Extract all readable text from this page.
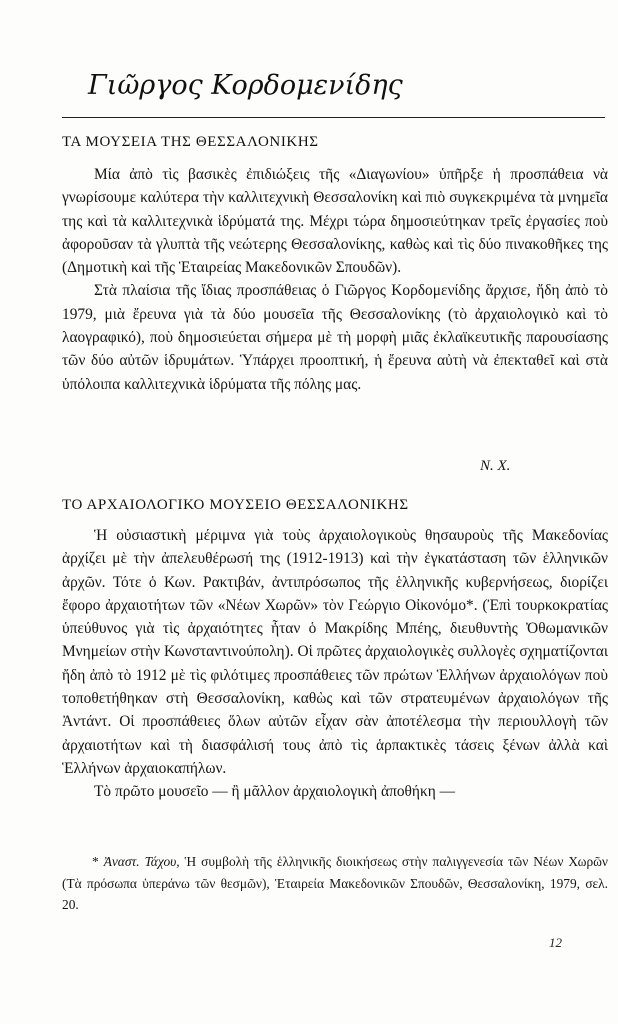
Γιῶργος Κορδομενίδης
ΤΑ ΜΟΥΣΕΙΑ ΤΗΣ ΘΕΣΣΑΛΟΝΙΚΗΣ

Μία ἀπὸ τὶς βασικὲς ἐπιδιώξεις τῆς «Διαγωνίου» ὑπῆρξε ἡ προσπάθεια νὰ γνωρίσουμε καλύτερα τὴν καλλιτεχνικὴ Θεσσαλονίκη καὶ πιὸ συγκεκριμένα τὰ μνημεῖα της καὶ τὰ καλλιτεχνικὰ ἱδρύματά της. Μέχρι τώρα δημοσιεύτηκαν τρεῖς ἐργασίες ποὺ ἀφοροῦσαν τὰ γλυπτὰ τῆς νεώτερης Θεσσαλονίκης, καθὼς καὶ τὶς δύο πινακοθῆκες της (Δημοτικὴ καὶ τῆς Ἑταιρείας Μακεδονικῶν Σπουδῶν).

Στὰ πλαίσια τῆς ἴδιας προσπάθειας ὁ Γιῶργος Κορδομενίδης ἄρχισε, ἤδη ἀπὸ τὸ 1979, μιὰ ἔρευνα γιὰ τὰ δύο μουσεῖα τῆς Θεσσαλονίκης (τὸ ἀρχαιολογικὸ καὶ τὸ λαογραφικό), ποὺ δημοσιεύεται σήμερα μὲ τὴ μορφὴ μιᾶς ἐκλαϊκευτικῆς παρουσίασης τῶν δύο αὐτῶν ἱδρυμάτων. Ὑπάρχει προοπτική, ἡ ἔρευνα αὐτὴ νὰ ἐπεκταθεῖ καὶ στὰ ὑπόλοιπα καλλιτεχνικὰ ἱδρύματα τῆς πόλης μας.

Ν. Χ.
ΤΟ ΑΡΧΑΙΟΛΟΓΙΚΟ ΜΟΥΣΕΙΟ ΘΕΣΣΑΛΟΝΙΚΗΣ

Ἡ οὐσιαστικὴ μέριμνα γιὰ τοὺς ἀρχαιολογικοὺς θησαυροὺς τῆς Μακεδονίας ἀρχίζει μὲ τὴν ἀπελευθέρωσή της (1912-1913) καὶ τὴν ἐγκατάσταση τῶν ἑλληνικῶν ἀρχῶν. Τότε ὁ Κων. Ρακτιβάν, ἀντιπρόσωπος τῆς ἑλληνικῆς κυβερνήσεως, διορίζει ἔφορο ἀρχαιοτήτων τῶν «Νέων Χωρῶν» τὸν Γεώργιο Οἰκονόμο*. (Ἐπὶ τουρκοκρατίας ὑπεύθυνος γιὰ τὶς ἀρχαιότητες ἦταν ὁ Μακρίδης Μπέης, διευθυντὴς Ὀθωμανικῶν Μνημείων στὴν Κωνσταντινούπολη). Οἱ πρῶτες ἀρχαιολογικὲς συλλογὲς σχηματίζονται ἤδη ἀπὸ τὸ 1912 μὲ τὶς φιλότιμες προσπάθειες τῶν πρώτων Ἑλλήνων ἀρχαιολόγων ποὺ τοποθετήθηκαν στὴ Θεσσαλονίκη, καθὼς καὶ τῶν στρατευμένων ἀρχαιολόγων τῆς Ἀντάντ. Οἱ προσπάθειες ὅλων αὐτῶν εἶχαν σὰν ἀποτέλεσμα τὴν περιουλλογὴ τῶν ἀρχαιοτήτων καὶ τὴ διασφάλισή τους ἀπὸ τὶς ἁρπακτικὲς τάσεις ξένων ἀλλὰ καὶ Ἑλλήνων ἀρχαιοκαπήλων.

Τὸ πρῶτο μουσεῖο — ἢ μᾶλλον ἀρχαιολογικὴ ἀποθήκη —

* Ἀναστ. Τάχου, Ἡ συμβολὴ τῆς ἑλληνικῆς διοικήσεως στὴν παλιγγενεσία τῶν Νέων Χωρῶν (Τὰ πρόσωπα ὑπεράνω τῶν θεσμῶν), Ἑταιρεία Μακεδονικῶν Σπουδῶν, Θεσσαλονίκη, 1979, σελ. 20.

12
